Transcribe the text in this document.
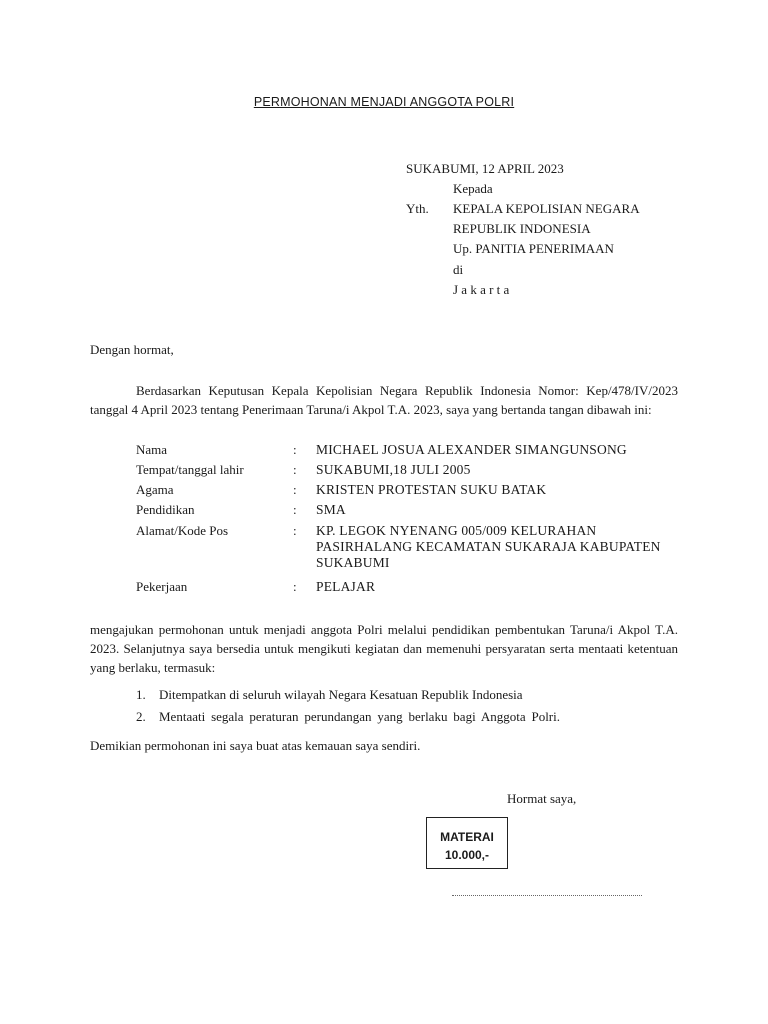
PERMOHONAN MENJADI ANGGOTA POLRI
SUKABUMI, 12 APRIL 2023
Kepada
Yth. KEPALA KEPOLISIAN NEGARA
REPUBLIK INDONESIA
Up. PANITIA PENERIMAAN
di
J a k a r t a
Dengan hormat,
Berdasarkan Keputusan Kepala Kepolisian Negara Republik Indonesia Nomor: Kep/478/IV/2023 tanggal 4 April 2023 tentang Penerimaan Taruna/i Akpol T.A. 2023, saya yang bertanda tangan dibawah ini:
Nama	: MICHAEL JOSUA ALEXANDER SIMANGUNSONG
Tempat/tanggal lahir	: SUKABUMI,18 JULI 2005
Agama	: KRISTEN PROTESTAN SUKU BATAK
Pendidikan	: SMA
Alamat/Kode Pos	: KP. LEGOK NYENANG 005/009 KELURAHAN PASIRHALANG KECAMATAN SUKARAJA KABUPATEN SUKABUMI
Pekerjaan	: PELAJAR
mengajukan permohonan untuk menjadi anggota Polri melalui pendidikan pembentukan Taruna/i Akpol T.A. 2023. Selanjutnya saya bersedia untuk mengikuti kegiatan dan memenuhi persyaratan serta mentaati ketentuan yang berlaku, termasuk:
1. Ditempatkan di seluruh wilayah Negara Kesatuan Republik Indonesia
2. Mentaati segala peraturan perundangan yang berlaku bagi Anggota Polri.
Demikian permohonan ini saya buat atas kemauan saya sendiri.
Hormat saya,
MATERAI
10.000,-
